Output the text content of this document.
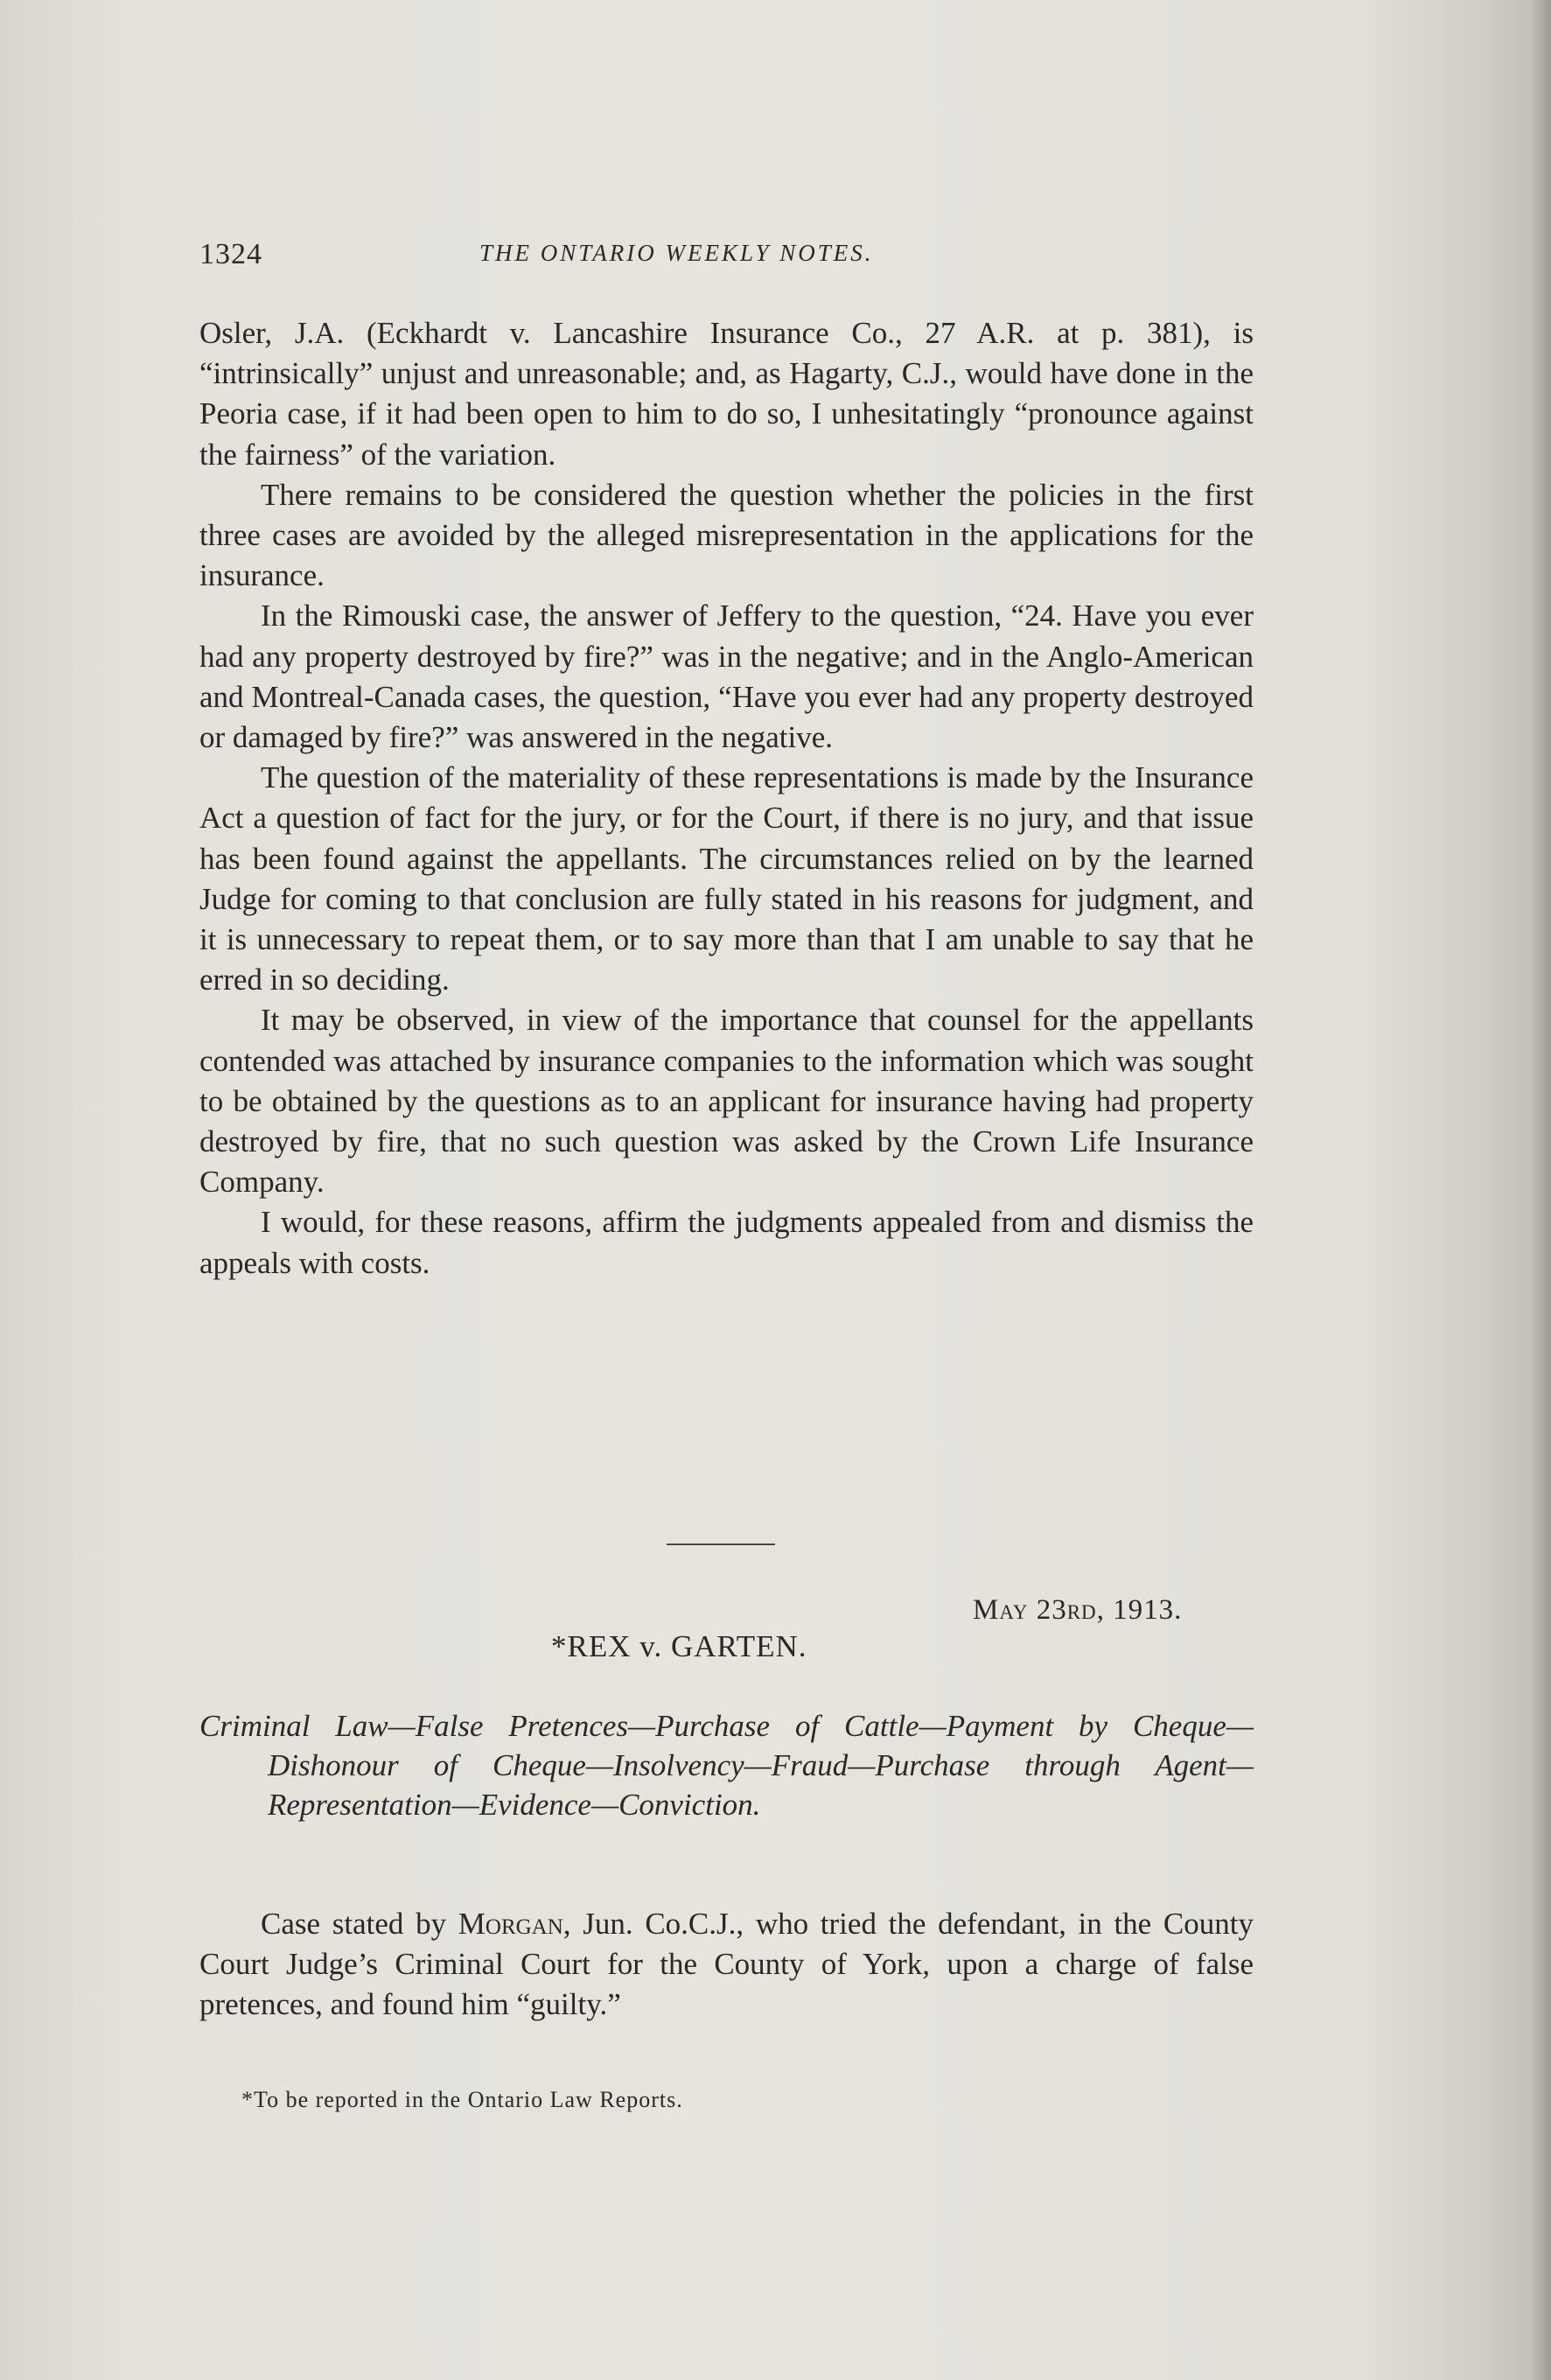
1324	THE ONTARIO WEEKLY NOTES.

Osler, J.A. (Eckhardt v. Lancashire Insurance Co., 27 A.R. at p. 381), is “intrinsically” unjust and unreasonable; and, as Hagarty, C.J., would have done in the Peoria case, if it had been open to him to do so, I unhesitatingly “pronounce against the fairness” of the variation.

There remains to be considered the question whether the policies in the first three cases are avoided by the alleged misrepresentation in the applications for the insurance.

In the Rimouski case, the answer of Jeffery to the question, “24. Have you ever had any property destroyed by fire?” was in the negative; and in the Anglo-American and Montreal-Canada cases, the question, “Have you ever had any property destroyed or damaged by fire?” was answered in the negative.

The question of the materiality of these representations is made by the Insurance Act a question of fact for the jury, or for the Court, if there is no jury, and that issue has been found against the appellants. The circumstances relied on by the learned Judge for coming to that conclusion are fully stated in his reasons for judgment, and it is unnecessary to repeat them, or to say more than that I am unable to say that he erred in so deciding.

It may be observed, in view of the importance that counsel for the appellants contended was attached by insurance companies to the information which was sought to be obtained by the questions as to an applicant for insurance having had property destroyed by fire, that no such question was asked by the Crown Life Insurance Company.

I would, for these reasons, affirm the judgments appealed from and dismiss the appeals with costs.

May 23rd, 1913.
*REX v. GARTEN.
Criminal Law—False Pretences—Purchase of Cattle—Payment by Cheque—Dishonour of Cheque—Insolvency—Fraud—Purchase through Agent—Representation—Evidence—Conviction.
Case stated by Morgan, Jun. Co.C.J., who tried the defendant, in the County Court Judge’s Criminal Court for the County of York, upon a charge of false pretences, and found him “guilty.”
*To be reported in the Ontario Law Reports.
